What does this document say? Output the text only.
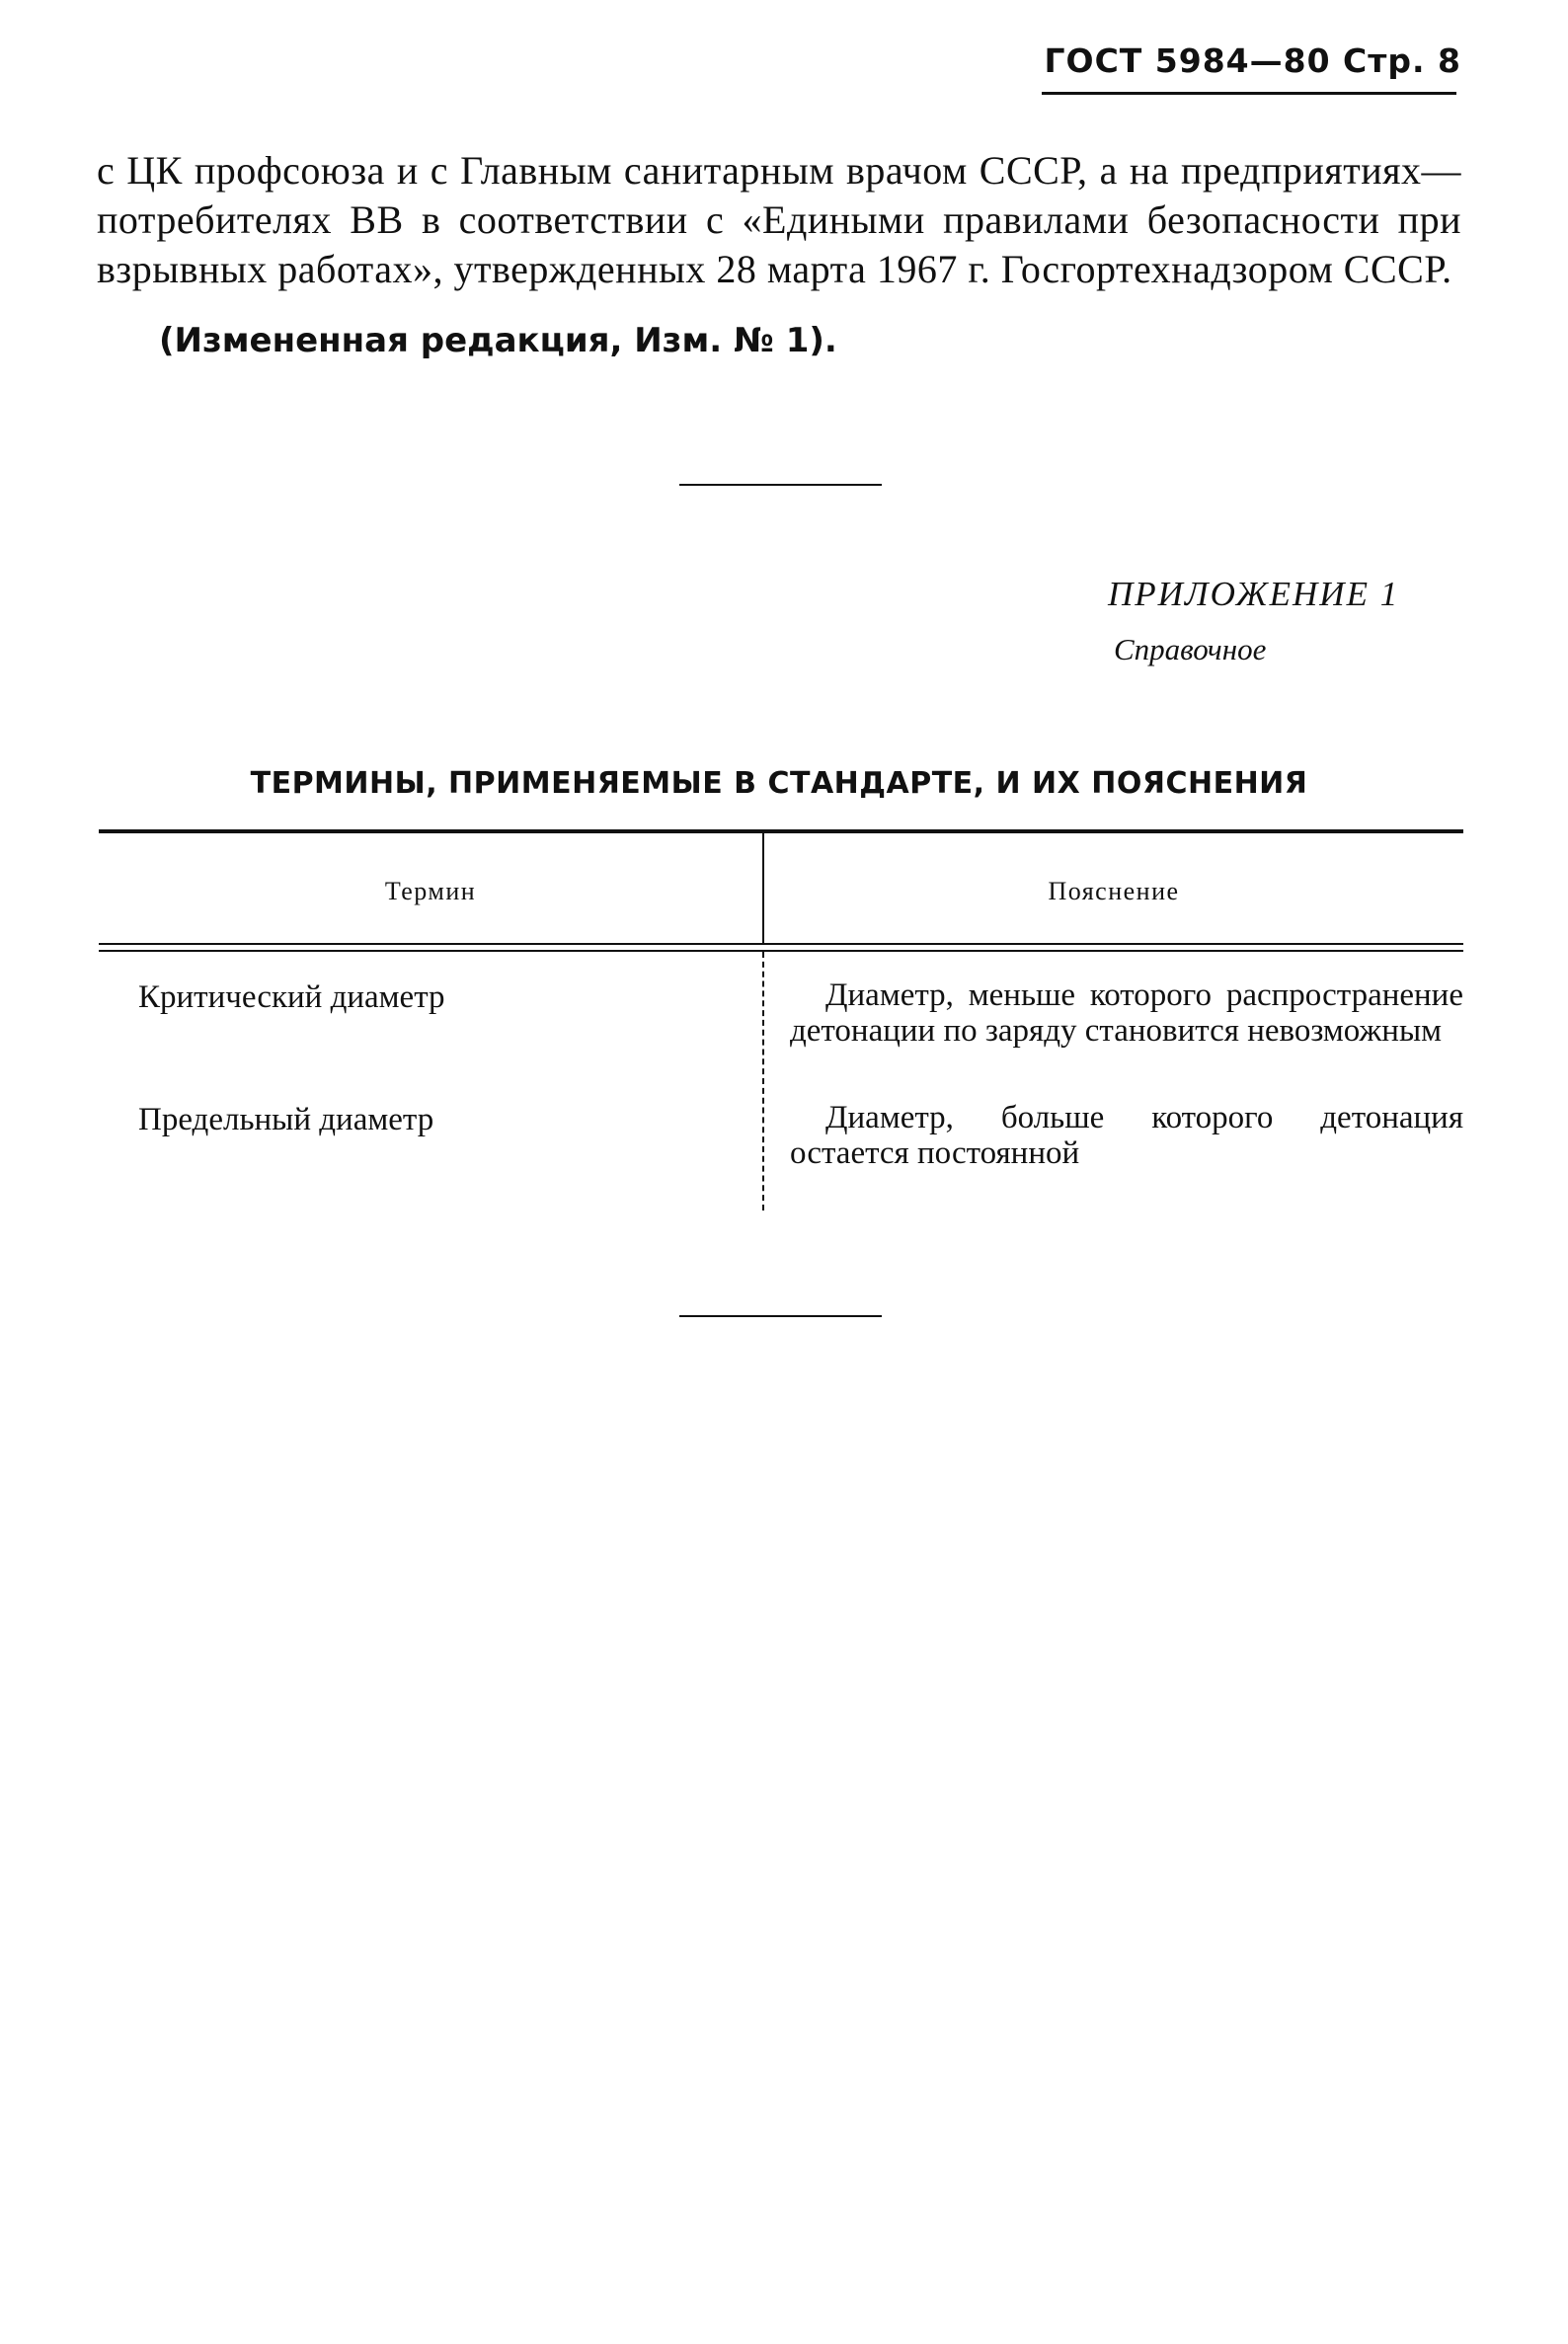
ГОСТ 5984—80 Стр. 8

с ЦК профсоюза и с Главным санитарным врачом СССР, а на предприятиях—потребителях ВВ в соответствии с «Едиными правилами безопасности при взрывных работах», утвержденных 28 марта 1967 г. Госгортехнадзором СССР.

(Измененная редакция, Изм. № 1).
ПРИЛОЖЕНИЕ 1
Справочное
ТЕРМИНЫ, ПРИМЕНЯЕМЫЕ В СТАНДАРТЕ, И ИХ ПОЯСНЕНИЯ
Термин	Пояснение
Критический диаметр	Диаметр, меньше которого распространение детонации по заряду становится невозможным

Предельный диаметр	Диаметр, больше которого детонация остается постоянной
